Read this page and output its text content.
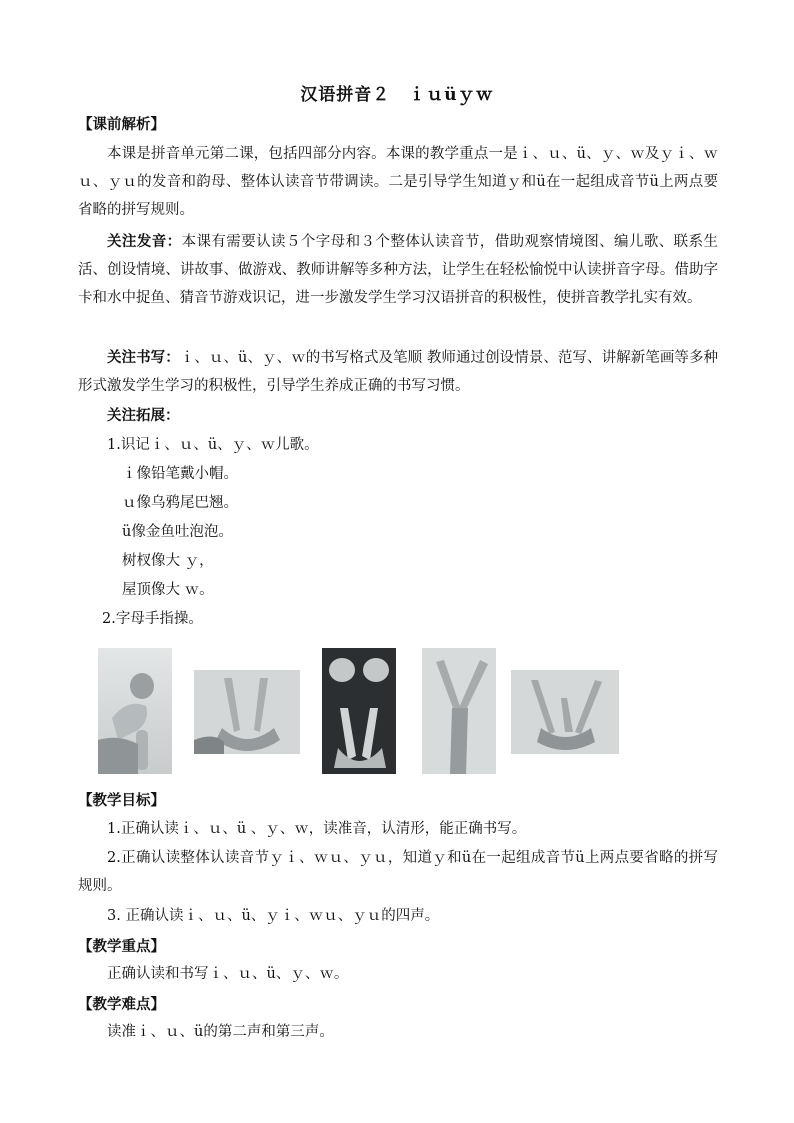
汉语拼音２　ｉｕüｙｗ
【课前解析】
本课是拼音单元第二课，包括四部分内容。本课的教学重点一是ｉ、ｕ、ü、ｙ、ｗ及ｙｉ、ｗｕ、ｙｕ的发音和韵母、整体认读音节带调读。二是引导学生知道ｙ和ü在一起组成音节ü上两点要省略的拼写规则。
关注发音：本课有需要认读５个字母和３个整体认读音节，借助观察情境图、编儿歌、联系生活、创设情境、讲故事、做游戏、教师讲解等多种方法，让学生在轻松愉悦中认读拼音字母。借助字卡和水中捉鱼、猜音节游戏识记，进一步激发学生学习汉语拼音的积极性，使拼音教学扎实有效。
关注书写：ｉ、ｕ、ü、ｙ、ｗ的书写格式及笔顺 教师通过创设情景、范写、讲解新笔画等多种形式激发学生学习的积极性，引导学生养成正确的书写习惯。
关注拓展：
1.识记ｉ、ｕ、ü、ｙ、ｗ儿歌。
ｉ像铅笔戴小帽。
ｕ像乌鸦尾巴翘。
ü像金鱼吐泡泡。
树杈像大 ｙ，
屋顶像大 ｗ。
2.字母手指操。
【教学目标】
1.正确认读ｉ、ｕ、ü 、ｙ、ｗ，读准音，认清形，能正确书写。
2.正确认读整体认读音节ｙｉ、ｗｕ、ｙｕ，知道ｙ和ü在一起组成音节ü上两点要省略的拼写规则。
3. 正确认读ｉ、ｕ、ü、ｙｉ、ｗｕ、ｙｕ的四声。
【教学重点】
正确认读和书写ｉ、ｕ、ü、ｙ、ｗ。
【教学难点】
读准ｉ、ｕ、ü的第二声和第三声。
